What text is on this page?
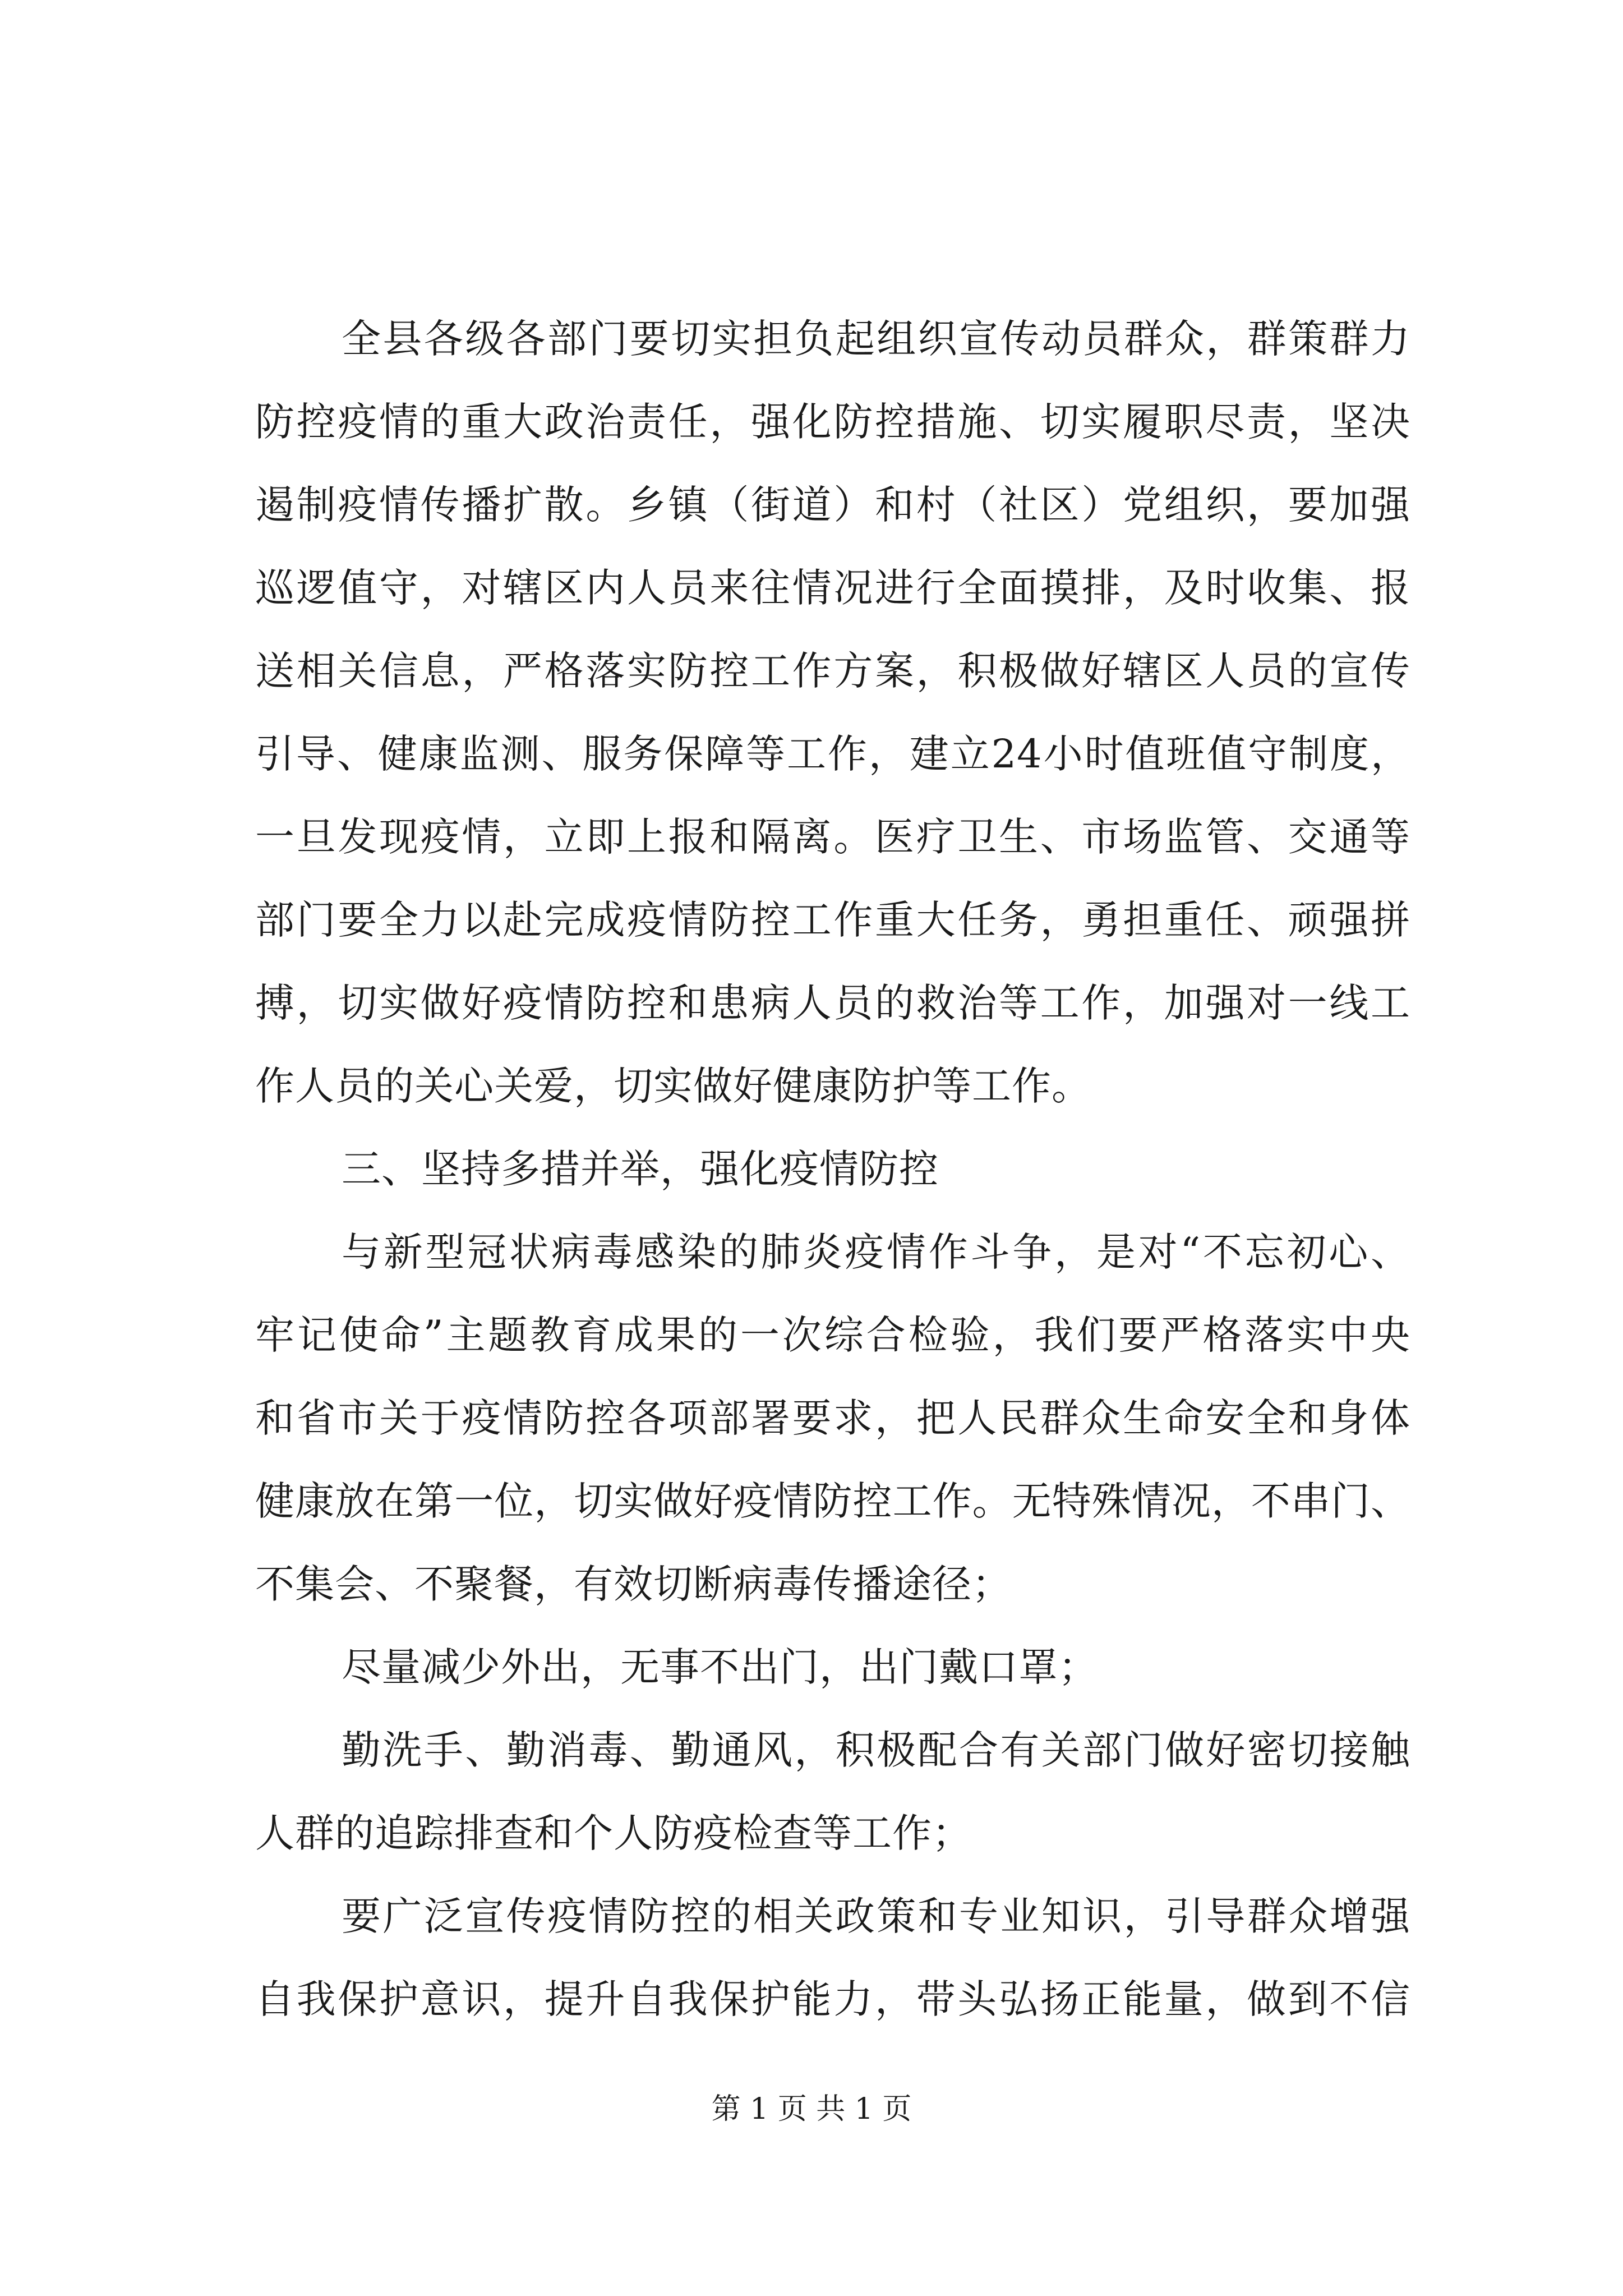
全县各级各部门要切实担负起组织宣传动员群众，群策群力
防控疫情的重大政治责任，强化防控措施、切实履职尽责，坚决
遏制疫情传播扩散。乡镇（街道）和村（社区）党组织，要加强
巡逻值守，对辖区内人员来往情况进行全面摸排，及时收集、报
送相关信息，严格落实防控工作方案，积极做好辖区人员的宣传
引导、健康监测、服务保障等工作，建立24小时值班值守制度，
一旦发现疫情，立即上报和隔离。医疗卫生、市场监管、交通等
部门要全力以赴完成疫情防控工作重大任务，勇担重任、顽强拼
搏，切实做好疫情防控和患病人员的救治等工作，加强对一线工
作人员的关心关爱，切实做好健康防护等工作。
三、坚持多措并举，强化疫情防控
与新型冠状病毒感染的肺炎疫情作斗争，是对“不忘初心、
牢记使命”主题教育成果的一次综合检验，我们要严格落实中央
和省市关于疫情防控各项部署要求，把人民群众生命安全和身体
健康放在第一位，切实做好疫情防控工作。无特殊情况，不串门、
不集会、不聚餐，有效切断病毒传播途径；
尽量减少外出，无事不出门，出门戴口罩；
勤洗手、勤消毒、勤通风，积极配合有关部门做好密切接触
人群的追踪排查和个人防疫检查等工作；
要广泛宣传疫情防控的相关政策和专业知识，引导群众增强
自我保护意识，提升自我保护能力，带头弘扬正能量，做到不信
第 1 页 共 1 页
